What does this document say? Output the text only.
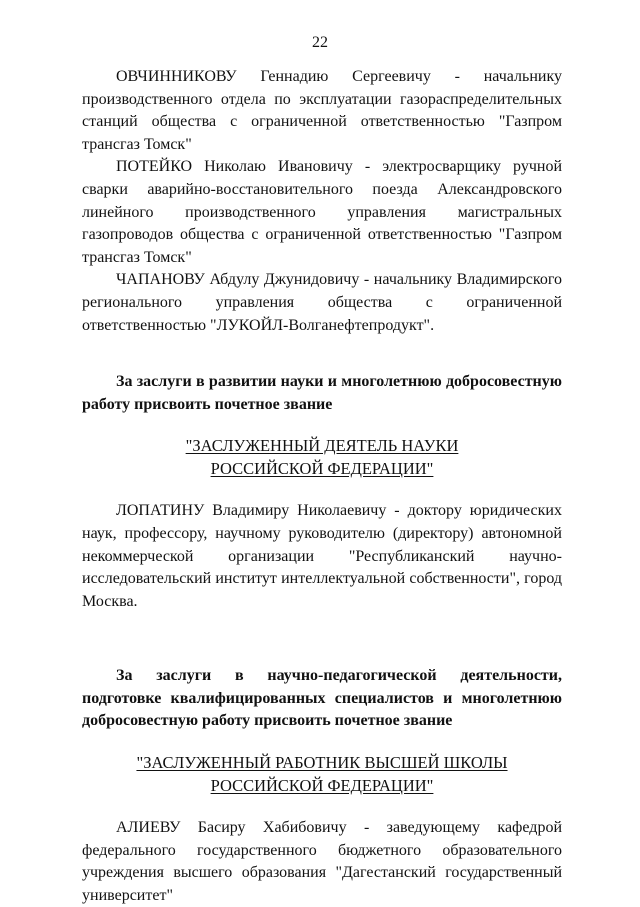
22

ОВЧИННИКОВУ Геннадию Сергеевичу - начальнику производственного отдела по эксплуатации газораспределительных станций общества с ограниченной ответственностью "Газпром трансгаз Томск"

ПОТЕЙКО Николаю Ивановичу - электросварщику ручной сварки аварийно-восстановительного поезда Александровского линейного производственного управления магистральных газопроводов общества с ограниченной ответственностью "Газпром трансгаз Томск"

ЧАПАНОВУ Абдулу Джунидовичу - начальнику Владимирского регионального управления общества с ограниченной ответственностью "ЛУКОЙЛ-Волганефтепродукт".

За заслуги в развитии науки и многолетнюю добросовестную работу присвоить почетное звание

"ЗАСЛУЖЕННЫЙ ДЕЯТЕЛЬ НАУКИ
РОССИЙСКОЙ ФЕДЕРАЦИИ"

ЛОПАТИНУ Владимиру Николаевичу - доктору юридических наук, профессору, научному руководителю (директору) автономной некоммерческой организации "Республиканский научно-исследовательский институт интеллектуальной собственности", город Москва.

За заслуги в научно-педагогической деятельности, подготовке квалифицированных специалистов и многолетнюю добросовестную работу присвоить почетное звание

"ЗАСЛУЖЕННЫЙ РАБОТНИК ВЫСШЕЙ ШКОЛЫ
РОССИЙСКОЙ ФЕДЕРАЦИИ"

АЛИЕВУ Басиру Хабибовичу - заведующему кафедрой федерального государственного бюджетного образовательного учреждения высшего образования "Дагестанский государственный университет"
